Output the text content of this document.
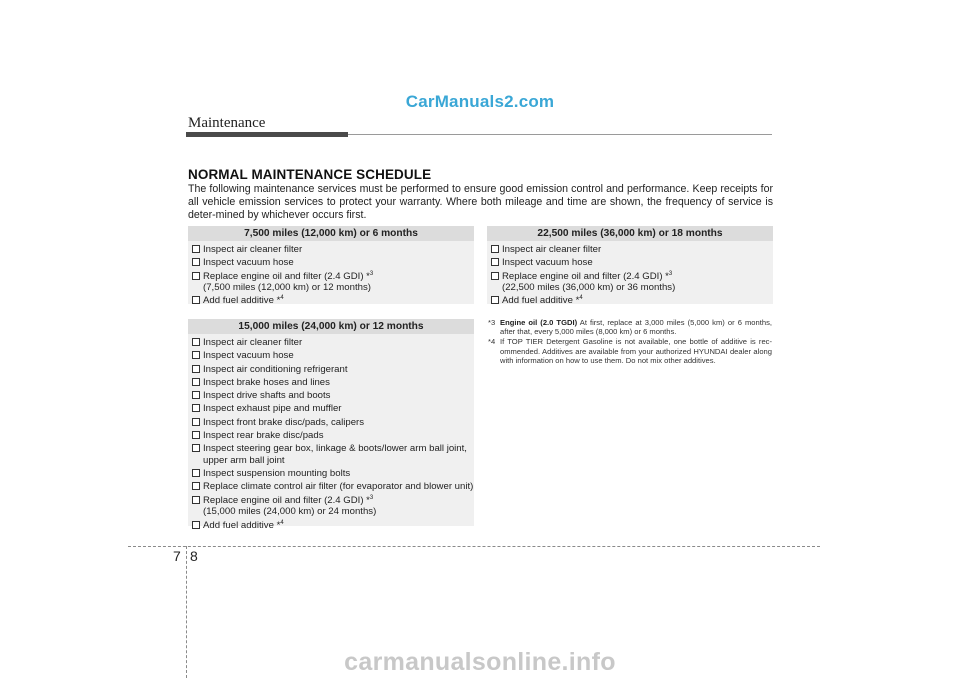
CarManuals2.com
Maintenance
NORMAL MAINTENANCE SCHEDULE
The following maintenance services must be performed to ensure good emission control and performance. Keep receipts for all vehicle emission services to protect your warranty. Where both mileage and time are shown, the frequency of service is deter-mined by whichever occurs first.
7,500 miles (12,000 km) or 6 months
Inspect air cleaner filter
Inspect vacuum hose
Replace engine oil and filter (2.4 GDI) *$^3$
(7,500 miles (12,000 km) or 12 months)
Add fuel additive *$^4$
15,000 miles (24,000 km) or 12 months
Inspect air cleaner filter
Inspect vacuum hose
Inspect air conditioning refrigerant
Inspect brake hoses and lines
Inspect drive shafts and boots
Inspect exhaust pipe and muffler
Inspect front brake disc/pads, calipers
Inspect rear brake disc/pads
Inspect steering gear box, linkage & boots/lower arm ball joint,
upper arm ball joint
Inspect suspension mounting bolts
Replace climate control air filter (for evaporator and blower unit)
Replace engine oil and filter (2.4 GDI) *$^3$
(15,000 miles (24,000 km) or 24 months)
Add fuel additive *$^4$
22,500 miles (36,000 km) or 18 months
Inspect air cleaner filter
Inspect vacuum hose
Replace engine oil and filter (2.4 GDI) *$^3$
(22,500 miles (36,000 km) or 36 months)
Add fuel additive *$^4$
*3 Engine oil (2.0 TGDI) At first, replace at 3,000 miles (5,000 km) or 6 months, after that, every 5,000 miles (8,000 km) or 6 months.
*4 If TOP TIER Detergent Gasoline is not available, one bottle of additive is rec-ommended. Additives are available from your authorized HYUNDAI dealer along with information on how to use them. Do not mix other additives.
7 8
carmanualsonline.info
